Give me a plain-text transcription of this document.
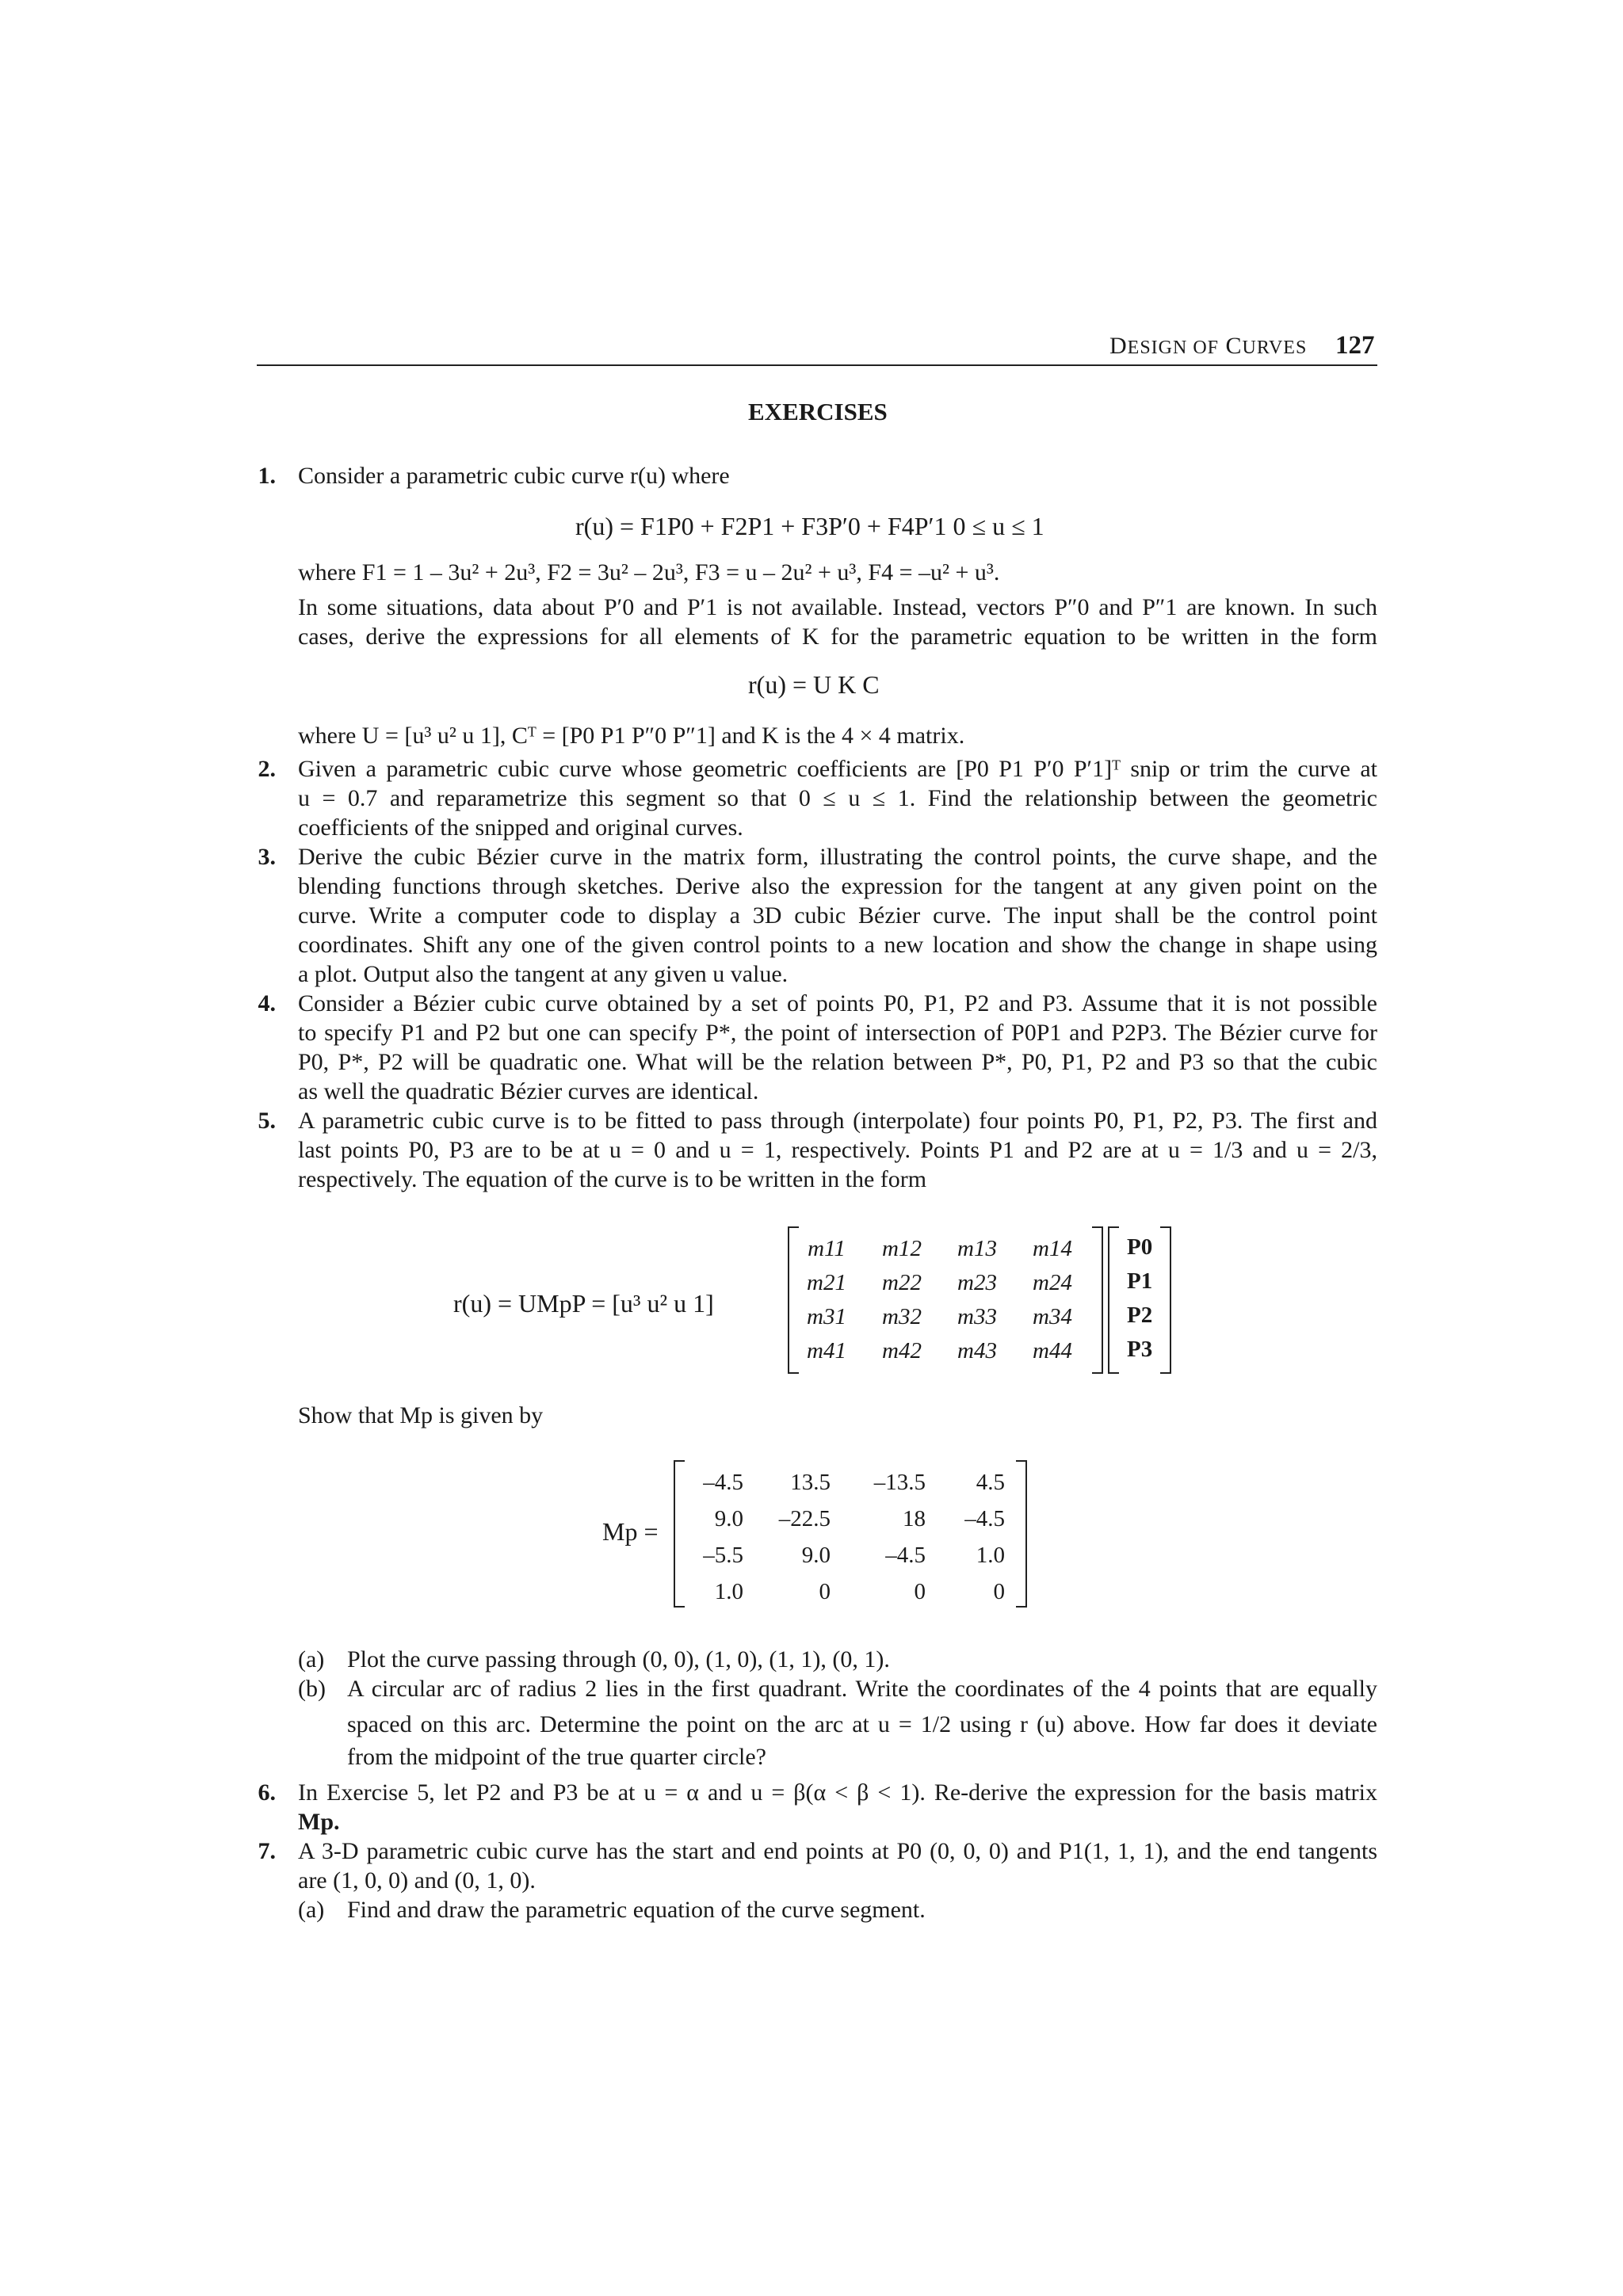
DESIGN OF CURVES 127
EXERCISES
1. Consider a parametric cubic curve r(u) where
r(u) = F1P0 + F2P1 + F3P′0 + F4P′1 0 ≤ u ≤ 1
where F1 = 1 – 3u² + 2u³, F2 = 3u² – 2u³, F3 = u – 2u² + u³, F4 = –u² + u³.
In some situations, data about P′0 and P′1 is not available. Instead, vectors P″0 and P″1 are known. In such
cases, derive the expressions for all elements of K for the parametric equation to be written in the form
r(u) = U K C
where U = [u³ u² u 1], Cᵀ = [P0 P1 P″0 P″1] and K is the 4 × 4 matrix.
2. Given a parametric cubic curve whose geometric coefficients are [P0 P1 P′0 P′1]ᵀ snip or trim the curve at
u = 0.7 and reparametrize this segment so that 0 ≤ u ≤ 1. Find the relationship between the geometric
coefficients of the snipped and original curves.
3. Derive the cubic Bézier curve in the matrix form, illustrating the control points, the curve shape, and the
blending functions through sketches. Derive also the expression for the tangent at any given point on the
curve. Write a computer code to display a 3D cubic Bézier curve. The input shall be the control point
coordinates. Shift any one of the given control points to a new location and show the change in shape using
a plot. Output also the tangent at any given u value.
4. Consider a Bézier cubic curve obtained by a set of points P0, P1, P2 and P3. Assume that it is not possible
to specify P1 and P2 but one can specify P*, the point of intersection of P0P1 and P2P3. The Bézier curve for
P0, P*, P2 will be quadratic one. What will be the relation between P*, P0, P1, P2 and P3 so that the cubic
as well the quadratic Bézier curves are identical.
5. A parametric cubic curve is to be fitted to pass through (interpolate) four points P0, P1, P2, P3. The first and
last points P0, P3 are to be at u = 0 and u = 1, respectively. Points P1 and P2 are at u = 1/3 and u = 2/3,
respectively. The equation of the curve is to be written in the form
r(u) = UMpP = [u³ u² u 1]
m11	m12	m13	m14
m21	m22	m23	m24
m31	m32	m33	m34
m41	m42	m43	m44
P0
P1
P2
P3
Show that Mp is given by
Mp =
–4.5	13.5	–13.5	4.5
9.0	–22.5	18	–4.5
–5.5	9.0	–4.5	1.0
1.0	0	0	0
(a) Plot the curve passing through (0, 0), (1, 0), (1, 1), (0, 1).
(b) A circular arc of radius 2 lies in the first quadrant. Write the coordinates of the 4 points that are equally
spaced on this arc. Determine the point on the arc at u = 1/2 using r (u) above. How far does it deviate
from the midpoint of the true quarter circle?
6. In Exercise 5, let P2 and P3 be at u = α and u = β(α < β < 1). Re-derive the expression for the basis matrix
Mp.
7. A 3-D parametric cubic curve has the start and end points at P0 (0, 0, 0) and P1(1, 1, 1), and the end tangents
are (1, 0, 0) and (0, 1, 0).
(a) Find and draw the parametric equation of the curve segment.
